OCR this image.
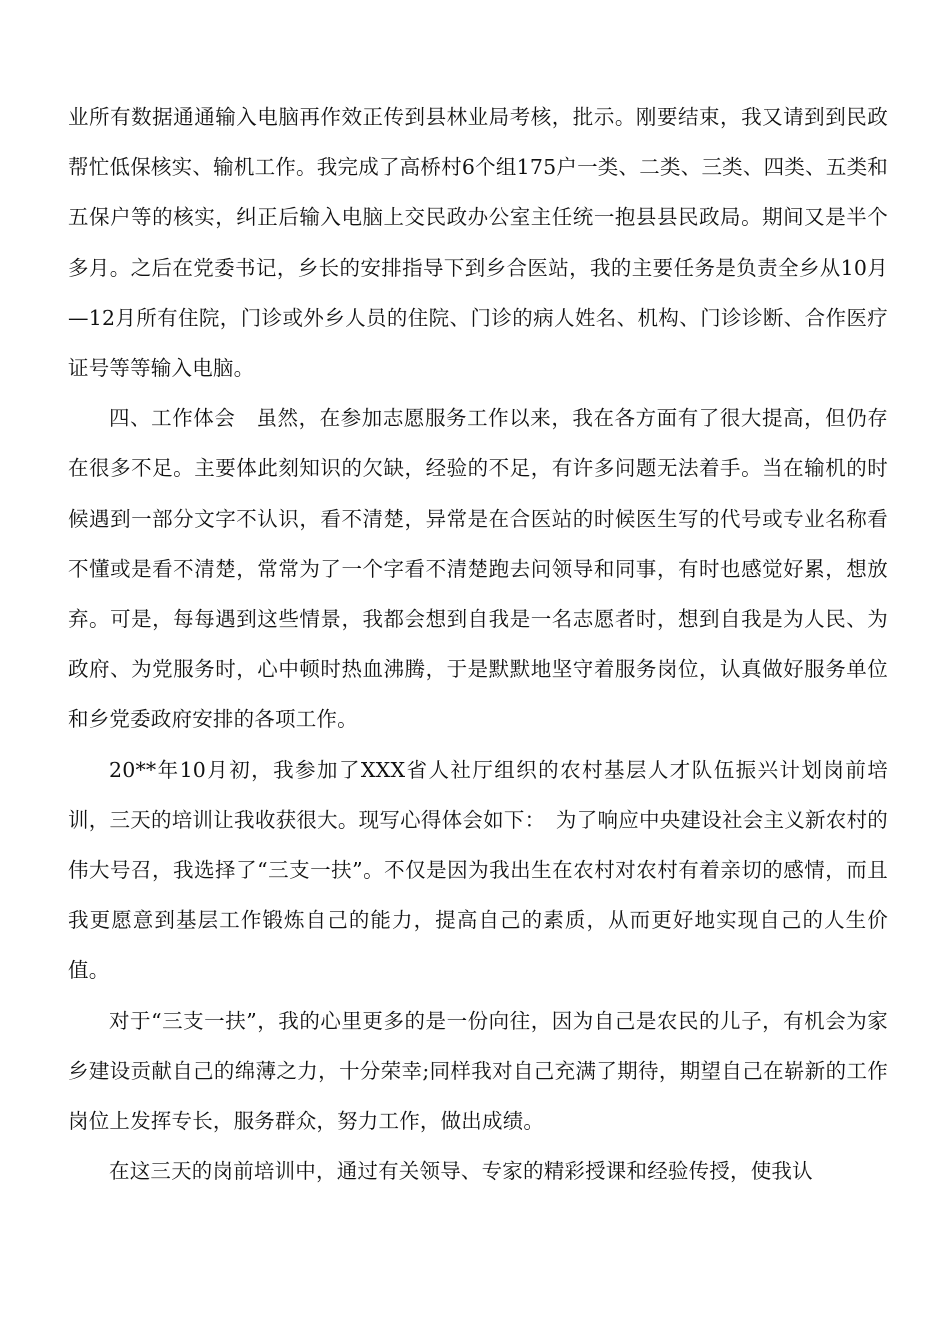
业所有数据通通输入电脑再作效正传到县林业局考核，批示。刚要结束，我又请到到民政帮忙低保核实、输机工作。我完成了高桥村6个组175户一类、二类、三类、四类、五类和五保户等的核实，纠正后输入电脑上交民政办公室主任统一抱县县民政局。期间又是半个多月。之后在党委书记，乡长的安排指导下到乡合医站，我的主要任务是负责全乡从10月—12月所有住院，门诊或外乡人员的住院、门诊的病人姓名、机构、门诊诊断、合作医疗证号等等输入电脑。

四、工作体会　虽然，在参加志愿服务工作以来，我在各方面有了很大提高，但仍存在很多不足。主要体此刻知识的欠缺，经验的不足，有许多问题无法着手。当在输机的时候遇到一部分文字不认识，看不清楚，异常是在合医站的时候医生写的代号或专业名称看不懂或是看不清楚，常常为了一个字看不清楚跑去问领导和同事，有时也感觉好累，想放弃。可是，每每遇到这些情景，我都会想到自我是一名志愿者时，想到自我是为人民、为政府、为党服务时，心中顿时热血沸腾，于是默默地坚守着服务岗位，认真做好服务单位和乡党委政府安排的各项工作。

20**年10月初，我参加了XXX省人社厅组织的农村基层人才队伍振兴计划岗前培训，三天的培训让我收获很大。现写心得体会如下：　为了响应中央建设社会主义新农村的伟大号召，我选择了“三支一扶”。不仅是因为我出生在农村对农村有着亲切的感情，而且我更愿意到基层工作锻炼自己的能力，提高自己的素质，从而更好地实现自己的人生价值。

对于“三支一扶”，我的心里更多的是一份向往，因为自己是农民的儿子，有机会为家乡建设贡献自己的绵薄之力，十分荣幸;同样我对自己充满了期待，期望自己在崭新的工作岗位上发挥专长，服务群众，努力工作，做出成绩。

在这三天的岗前培训中，通过有关领导、专家的精彩授课和经验传授，使我认
